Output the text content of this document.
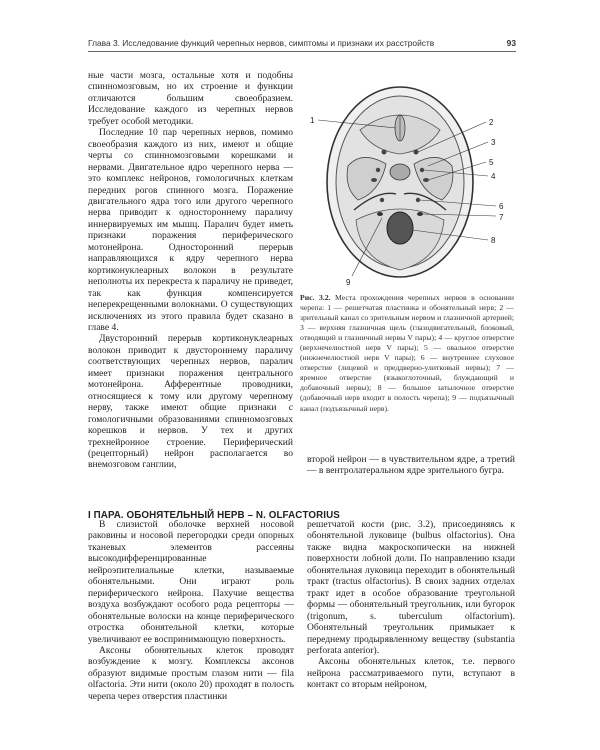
Глава 3. Исследование функций черепных нервов, симптомы и признаки их расстройств	93

ные части мозга, остальные хотя и подобны спинномозговым, но их строение и функции отличаются большим своеобразием. Исследование каждого из черепных нервов требует особой методики.

Последние 10 пар черепных нервов, помимо своеобразия каждого из них, имеют и общие черты со спинномозговыми корешками и нервами. Двигательное ядро черепного нерва — это комплекс нейронов, гомологичных клеткам передних рогов спинного мозга. Поражение двигательного ядра того или другого черепного нерва приводит к одностороннему параличу иннервируемых им мышц. Паралич будет иметь признаки поражения периферического мотонейрона. Односторонний перерыв направляющихся к ядру черепного нерва кортиконуклеарных волокон в результате неполноты их перекреста к параличу не приведет, так как функция компенсируется неперекрещенными волокнами. О существующих исключениях из этого правила будет сказано в главе 4.

Двусторонний перерыв кортиконуклеарных волокон приводит к двустороннему параличу соответствующих черепных нервов, паралич имеет признаки поражения центрального мотонейрона. Афферентные проводники, относящиеся к тому или другому черепному нерву, также имеют общие признаки с гомологичными образованиями спинномозговых корешков и нервов. У тех и других трехнейронное строение. Периферический (рецепторный) нейрон располагается во внемозговом ганглии,

1	2
3
4
5
6
7
8
9
Рис. 3.2. Места прохождения черепных нервов в основании черепа: 1 — решетчатая пластинка и обонятельный нерв; 2 — зрительный канал со зрительным нервом и глазничной артерией; 3 — верхняя глазничная щель (глазодвигательный, блоковый, отводящий и глазничный нервы V пары); 4 — круглое отверстие (верхнечелюстной нерв V пары); 5 — овальное отверстие (нижнечелюстной нерв V пары); 6 — внутреннее слуховое отверстие (лицевой и преддверно-улитковый нервы); 7 — яремное отверстие (языкоглоточный, блуждающий и добавочный нервы); 8 — большое затылочное отверстие (добавочный нерв входит в полость черепа); 9 — подъязычный канал (подъязычный нерв).

второй нейрон — в чувствительном ядре, а третий — в вентролатеральном ядре зрительного бугра.

I ПАРА. ОБОНЯТЕЛЬНЫЙ НЕРВ – N. OLFACTORIUS

В слизистой оболочке верхней носовой раковины и носовой перегородки среди опорных тканевых элементов рассеяны высокодифференцированные нейроэпителиальные клетки, называемые обонятельными. Они играют роль периферического нейрона. Пахучие вещества воздуха возбуждают особого рода рецепторы — обонятельные волоски на конце периферического отростка обонятельной клетки, которые увеличивают ее воспринимающую поверхность.

Аксоны обонятельных клеток проводят возбуждение к мозгу. Комплексы аксонов образуют видимые простым глазом нити — fila olfactoria. Эти нити (около 20) проходят в полость черепа через отверстия пластинки

решетчатой кости (рис. 3.2), присоединяясь к обонятельной луковице (bulbus olfactorius). Она также видна макроскопически на нижней поверхности лобной доли. По направлению кзади обонятельная луковица переходит в обонятельный тракт (tractus olfactorius). В своих задних отделах тракт идет в особое образование треугольной формы — обонятельный треугольник, или бугорок (trigonum, s. tuberculum olfactorium). Обонятельный треугольник примыкает к переднему продырявленному веществу (substantia perforata anterior).

Аксоны обонятельных клеток, т.е. первого нейрона рассматриваемого пути, вступают в контакт со вторым нейроном,
